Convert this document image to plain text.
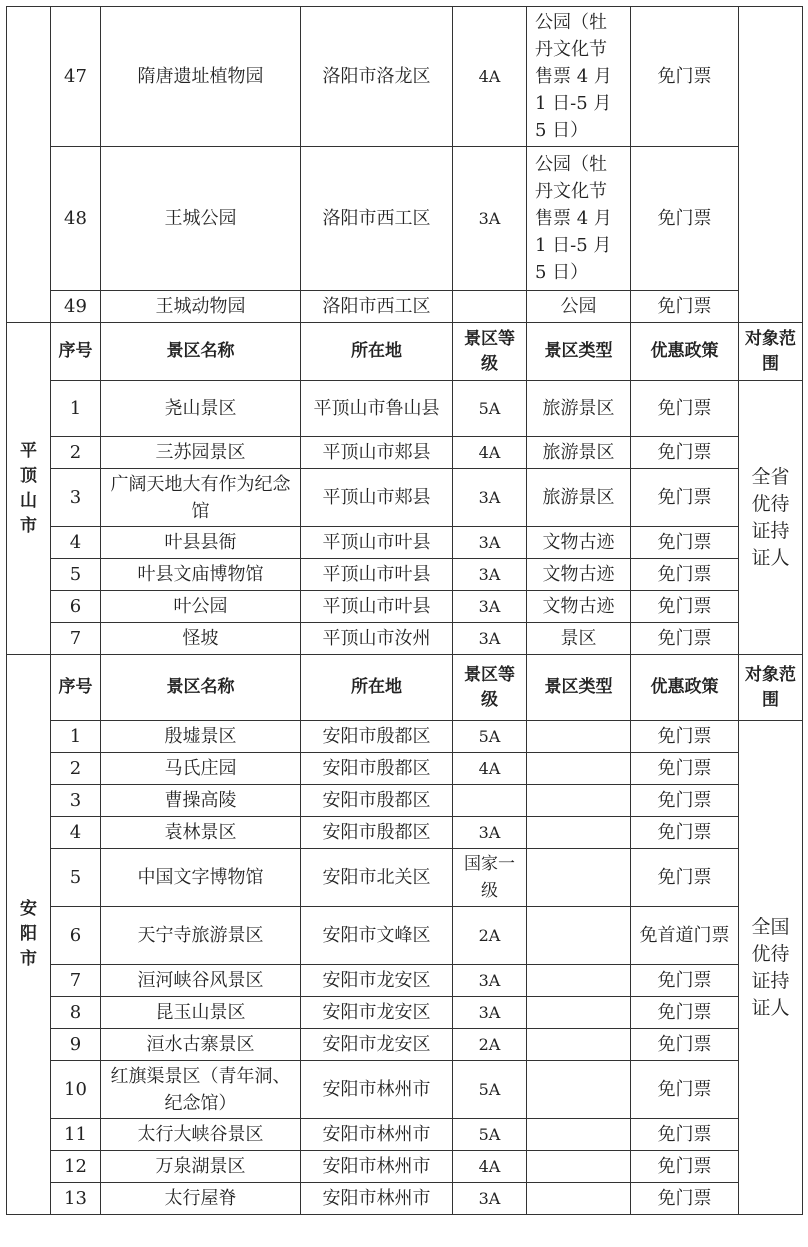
	47	隋唐遗址植物园	洛阳市洛龙区	4A	公园（牡丹文化节售票 4 月 1 日-5 月 5 日）	免门票	
	48	王城公园	洛阳市西工区	3A	公园（牡丹文化节售票 4 月 1 日-5 月 5 日）	免门票	
	49	王城动物园	洛阳市西工区		公园	免门票	
平顶山市	序号	景区名称	所在地	景区等级	景区类型	优惠政策	对象范围
	1	尧山景区	平顶山市鲁山县	5A	旅游景区	免门票	全省优待证持证人
	2	三苏园景区	平顶山市郏县	4A	旅游景区	免门票	
	3	广阔天地大有作为纪念馆	平顶山市郏县	3A	旅游景区	免门票	
	4	叶县县衙	平顶山市叶县	3A	文物古迹	免门票	
	5	叶县文庙博物馆	平顶山市叶县	3A	文物古迹	免门票	
	6	叶公园	平顶山市叶县	3A	文物古迹	免门票	
	7	怪坡	平顶山市汝州	3A	景区	免门票	
安阳市	序号	景区名称	所在地	景区等级	景区类型	优惠政策	对象范围
	1	殷墟景区	安阳市殷都区	5A		免门票	全国优待证持证人
	2	马氏庄园	安阳市殷都区	4A		免门票	
	3	曹操高陵	安阳市殷都区			免门票	
	4	袁林景区	安阳市殷都区	3A		免门票	
	5	中国文字博物馆	安阳市北关区	国家一级		免门票	
	6	天宁寺旅游景区	安阳市文峰区	2A		免首道门票	
	7	洹河峡谷风景区	安阳市龙安区	3A		免门票	
	8	昆玉山景区	安阳市龙安区	3A		免门票	
	9	洹水古寨景区	安阳市龙安区	2A		免门票	
	10	红旗渠景区（青年洞、纪念馆）	安阳市林州市	5A		免门票	
	11	太行大峡谷景区	安阳市林州市	5A		免门票	
	12	万泉湖景区	安阳市林州市	4A		免门票	
	13	太行屋脊	安阳市林州市	3A		免门票	
